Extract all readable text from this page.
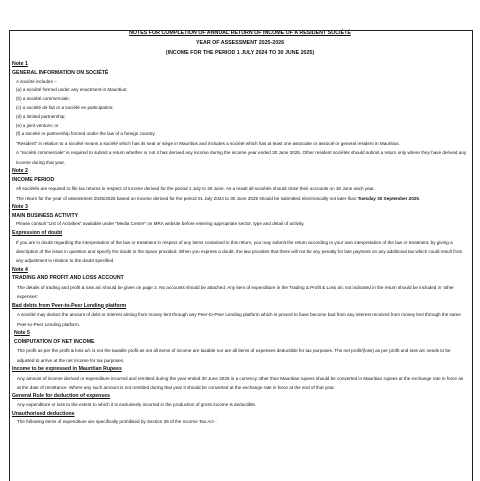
NOTES FOR COMPLETION OF ANNUAL RETURN OF INCOME OF A RESIDENT SOCIÉTÉ
YEAR OF ASSESSMENT 2025-2026
(INCOME FOR THE PERIOD 1 JULY 2024 TO 30 JUNE 2025)
Note 1
GENERAL INFORMATION ON SOCIÉTÉ
A société includes –
(a) a société formed under any enactment in Mauritius;
(b) a société commerciale;
(c) a société de fait or a société en participation;
(d) a limited partnership;
(e) a joint venture; or
(f) a société or partnership formed under the law of a foreign country.
“Resident” in relation to a société means a société which has its seat or siège in Mauritius and includes a société which has at least one associate or associé or general resident in Mauritius.
A “société commerciale” is required to submit a return whether or not it has derived any income during the income year ended 30 June 2025. Other resident sociétés should submit a return only where they have derived any income during that year.
Note 2
INCOME PERIOD
All sociétés are required to file tax returns in respect of income derived for the period 1 July to 30 June. As a result all sociétés should close their accounts on 30 June each year.
The return for the year of assessment 2025/2026 based on income derived for the period 01 July 2024 to 30 June 2025 should be submitted electronically not later than Tuesday 30 September 2025.
Note 3
MAIN BUSINESS ACTIVITY
Please consult “List of Activities” available under “Media Centre” on MRA website before entering appropriate sector, type and detail of activity.
Expression of doubt
If you are in doubt regarding the interpretation of the law or treatment in respect of any items contained in this return, you may submit the return according to your own interpretation of the law or treatment, by giving a description of the issue in question and specify the doubt in the space provided. When you express a doubt, the law provides that there will not be any penalty for late payment on any additional tax which could result from any adjustment in relation to the doubt specified.
Note 4
TRADING AND PROFIT AND LOSS ACCOUNT
The details of trading and profit & loss a/c should be given on page 2. No accounts should be attached. Any item of expenditure in the Trading & Profit & Loss a/c not indicated in the return should be included in ‘other expenses’.
Bad debts from Peer-to-Peer Lending platform
A société may deduct the amount of debt or interest arising from money lent through any Peer-to-Peer Lending platform which is proved to have become bad from any interest received from money lent through the same Peer-to-Peer Lending platform.
Note 5
COMPUTATION OF NET INCOME
The profit as per the profit & loss a/c is not the taxable profit as not all items of income are taxable nor are all items of expenses deductible for tax purposes. The net profit/(loss) as per profit and loss a/c needs to be adjusted to arrive at the net income for tax purposes.
Income to be expressed in Mauritian Rupees
Any amount of income derived or expenditure incurred and remitted during the year ended 30 June 2025 in a currency other than Mauritian rupees should be converted in Mauritian rupees at the exchange rate in force as at the date of remittance. Where any such amount is not remitted during that year it should be converted at the exchange rate in force at the end of that year.
General Rule for deduction of expenses
Any expenditure or loss to the extent to which it is exclusively incurred in the production of gross income is deductible.
Unauthorised deductions
The following items of expenditure are specifically prohibited by Section 26 of the Income Tax Act -
